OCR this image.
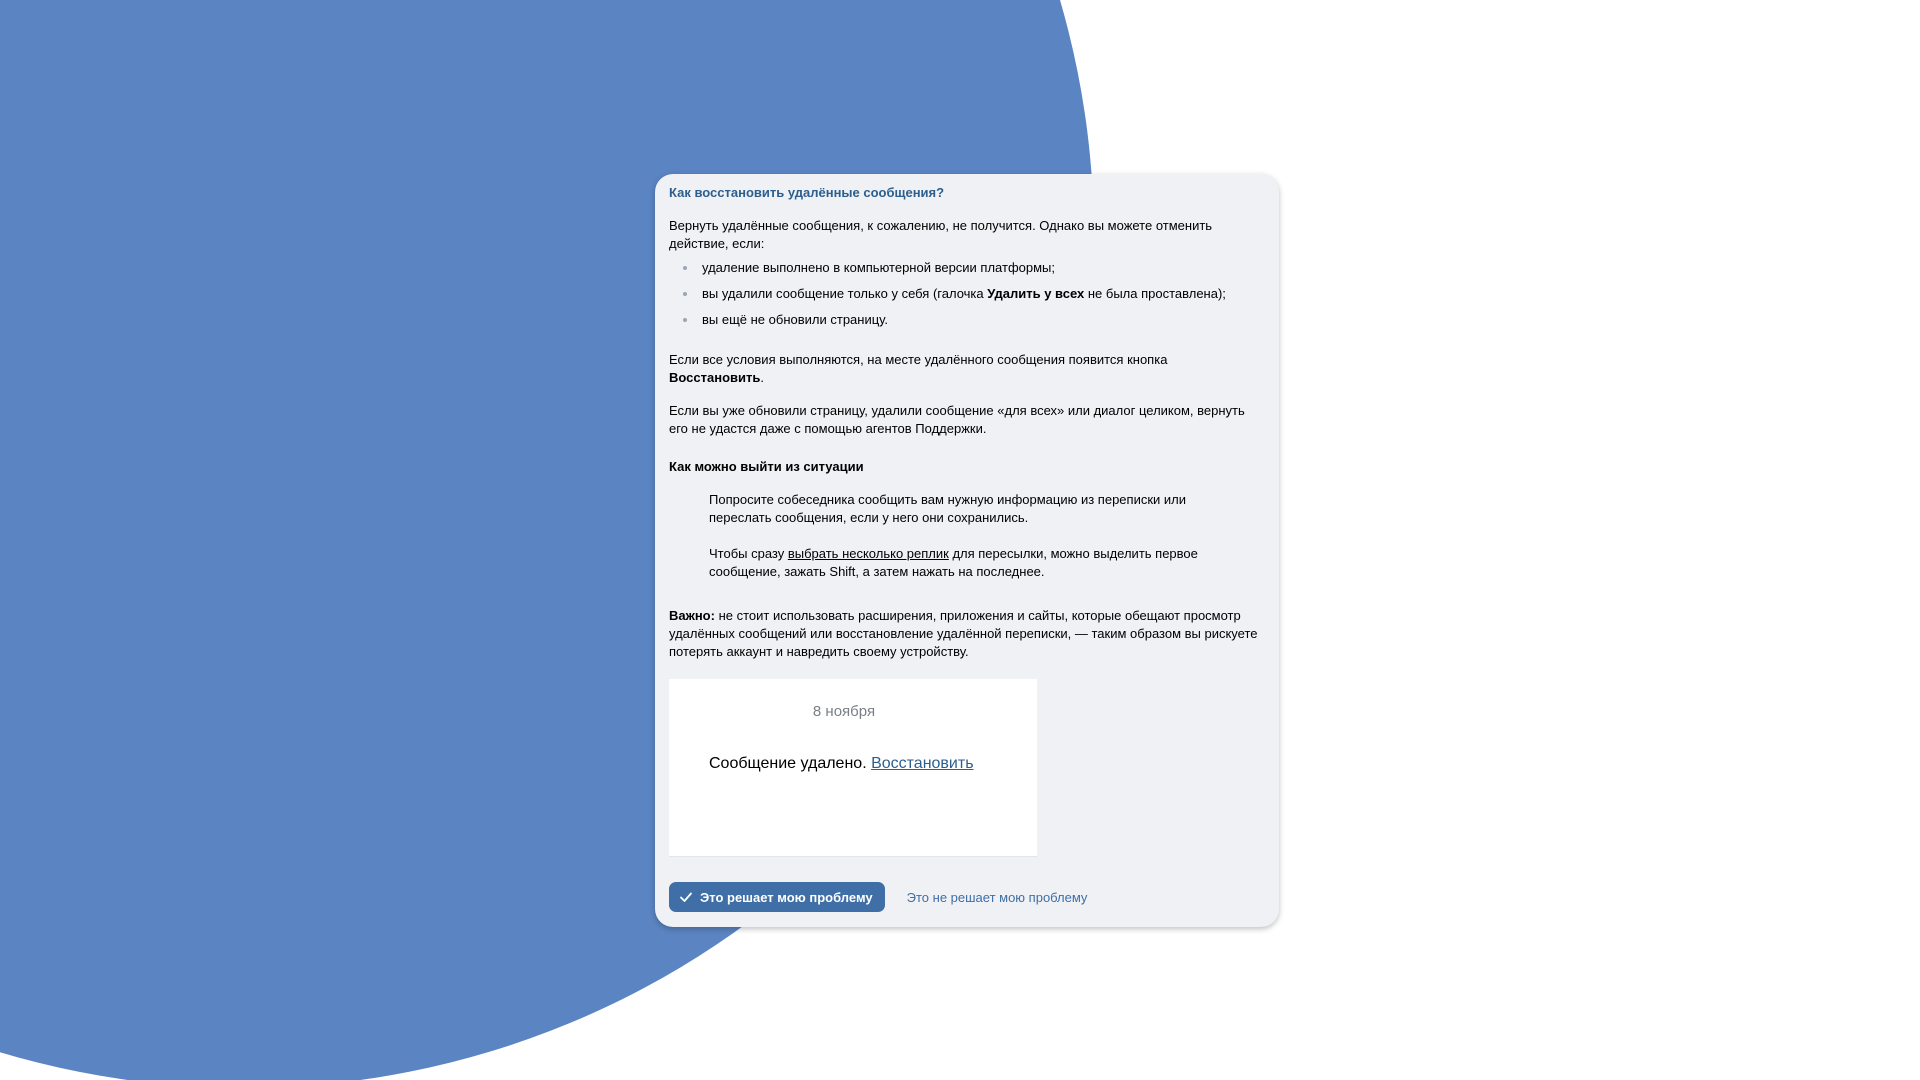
Как восстановить удалённые сообщения?

Вернуть удалённые сообщения, к сожалению, не получится. Однако вы можете отменить действие, если:

удаление выполнено в компьютерной версии платформы;
вы удалили сообщение только у себя (галочка Удалить у всех не была проставлена);
вы ещё не обновили страницу.

Если все условия выполняются, на месте удалённого сообщения появится кнопка Восстановить.

Если вы уже обновили страницу, удалили сообщение «для всех» или диалог целиком, вернуть его не удастся даже с помощью агентов Поддержки.

Как можно выйти из ситуации

Попросите собеседника сообщить вам нужную информацию из переписки или переслать сообщения, если у него они сохранились.

Чтобы сразу выбрать несколько реплик для пересылки, можно выделить первое сообщение, зажать Shift, а затем нажать на последнее.

Важно: не стоит использовать расширения, приложения и сайты, которые обещают просмотр удалённых сообщений или восстановление удалённой переписки, — таким образом вы рискуете потерять аккаунт и навредить своему устройству.

8 ноября
Сообщение удалено. Восстановить
Это решает мою проблему	Это не решает мою проблему
